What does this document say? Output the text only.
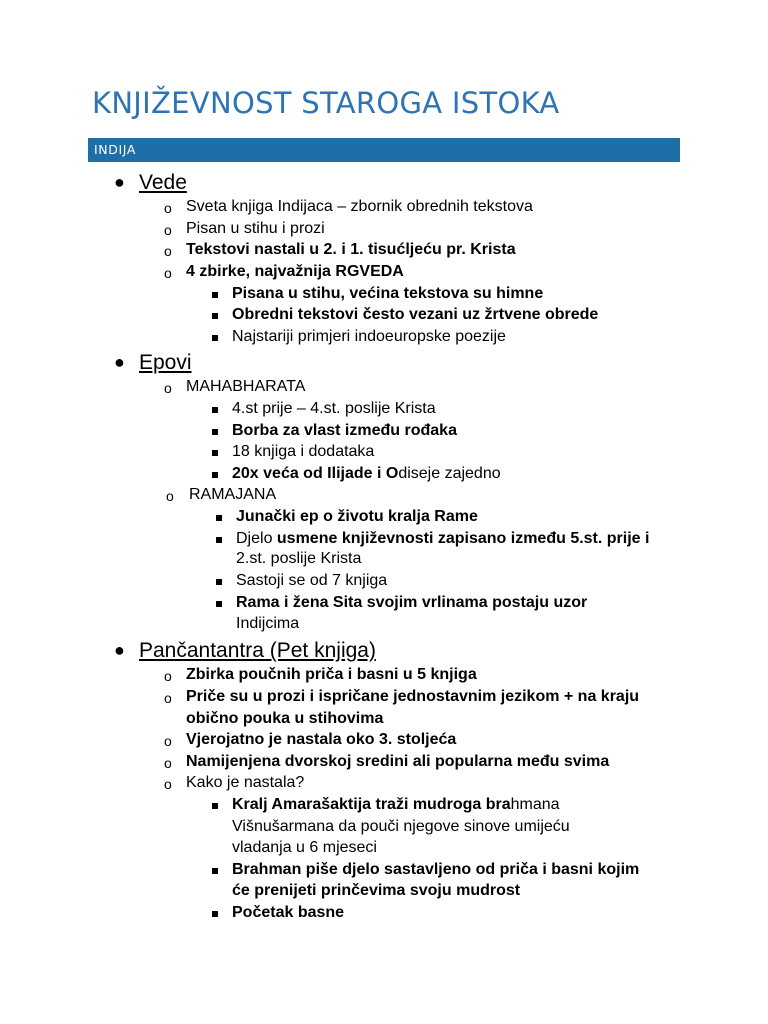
KNJIŽEVNOST STAROGA ISTOKA
INDIJA
● Vede
o Sveta knjiga Indijaca – zbornik obrednih tekstova
o Pisan u stihu i prozi
o Tekstovi nastali u 2. i 1. tisućljeću pr. Krista
o 4 zbirke, najvažnija RGVEDA
Pisana u stihu, većina tekstova su himne
Obredni tekstovi često vezani uz žrtvene obrede
Najstariji primjeri indoeuropske poezije
● Epovi
o MAHABHARATA
4.st prije – 4.st. poslije Krista
Borba za vlast između rođaka
18 knjiga i dodataka
20x veća od Ilijade i Odiseje zajedno
o RAMAJANA
Junački ep o životu kralja Rame
Djelo usmene književnosti zapisano između 5.st. prije i
2.st. poslije Krista
Sastoji se od 7 knjiga
Rama i žena Sita svojim vrlinama postaju uzor
Indijcima
● Pančantantra (Pet knjiga)
o Zbirka poučnih priča i basni u 5 knjiga
o Priče su u prozi i ispričane jednostavnim jezikom + na kraju
obično pouka u stihovima
o Vjerojatno je nastala oko 3. stoljeća
o Namijenjena dvorskoj sredini ali popularna među svima
o Kako je nastala?
Kralj Amarašaktija traži mudroga brahmana
Višnušarmana da pouči njegove sinove umijeću
vladanja u 6 mjeseci
Brahman piše djelo sastavljeno od priča i basni kojim
će prenijeti prinčevima svoju mudrost
Početak basne
